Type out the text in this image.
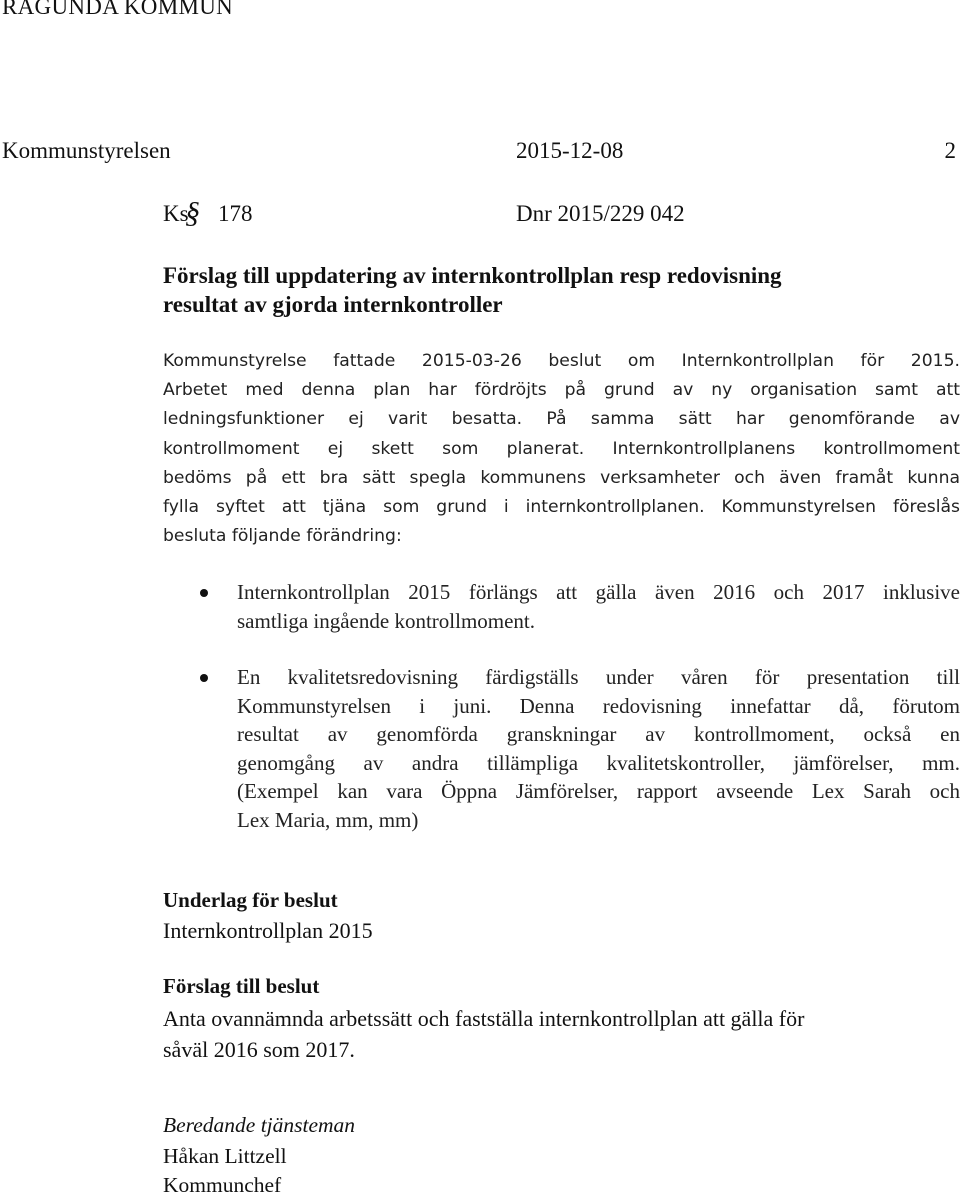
RAGUNDA KOMMUN
Kommunstyrelsen	2015-12-08	2
Ks
§ 178	Dnr 2015/229 042
Förslag till uppdatering av internkontrollplan resp redovisning
resultat av gjorda internkontroller
Kommunstyrelse fattade 2015-03-26 beslut om Internkontrollplan för 2015.
Arbetet med denna plan har fördröjts på grund av ny organisation samt att
ledningsfunktioner ej varit besatta. På samma sätt har genomförande av
kontrollmoment ej skett som planerat. Internkontrollplanens kontrollmoment
bedöms på ett bra sätt spegla kommunens verksamheter och även framåt kunna
fylla syftet att tjäna som grund i internkontrollplanen. Kommunstyrelsen föreslås
besluta följande förändring:
Internkontrollplan 2015 förlängs att gälla även 2016 och 2017 inklusive
samtliga ingående kontrollmoment.
En kvalitetsredovisning färdigställs under våren för presentation till
Kommunstyrelsen i juni. Denna redovisning innefattar då, förutom
resultat av genomförda granskningar av kontrollmoment, också en
genomgång av andra tillämpliga kvalitetskontroller, jämförelser, mm.
(Exempel kan vara Öppna Jämförelser, rapport avseende Lex Sarah och
Lex Maria, mm, mm)
Underlag för beslut
Internkontrollplan 2015
Förslag till beslut
Anta ovannämnda arbetssätt och fastställa internkontrollplan att gälla för
såväl 2016 som 2017.
Beredande tjänsteman
Håkan Littzell
Kommunchef
